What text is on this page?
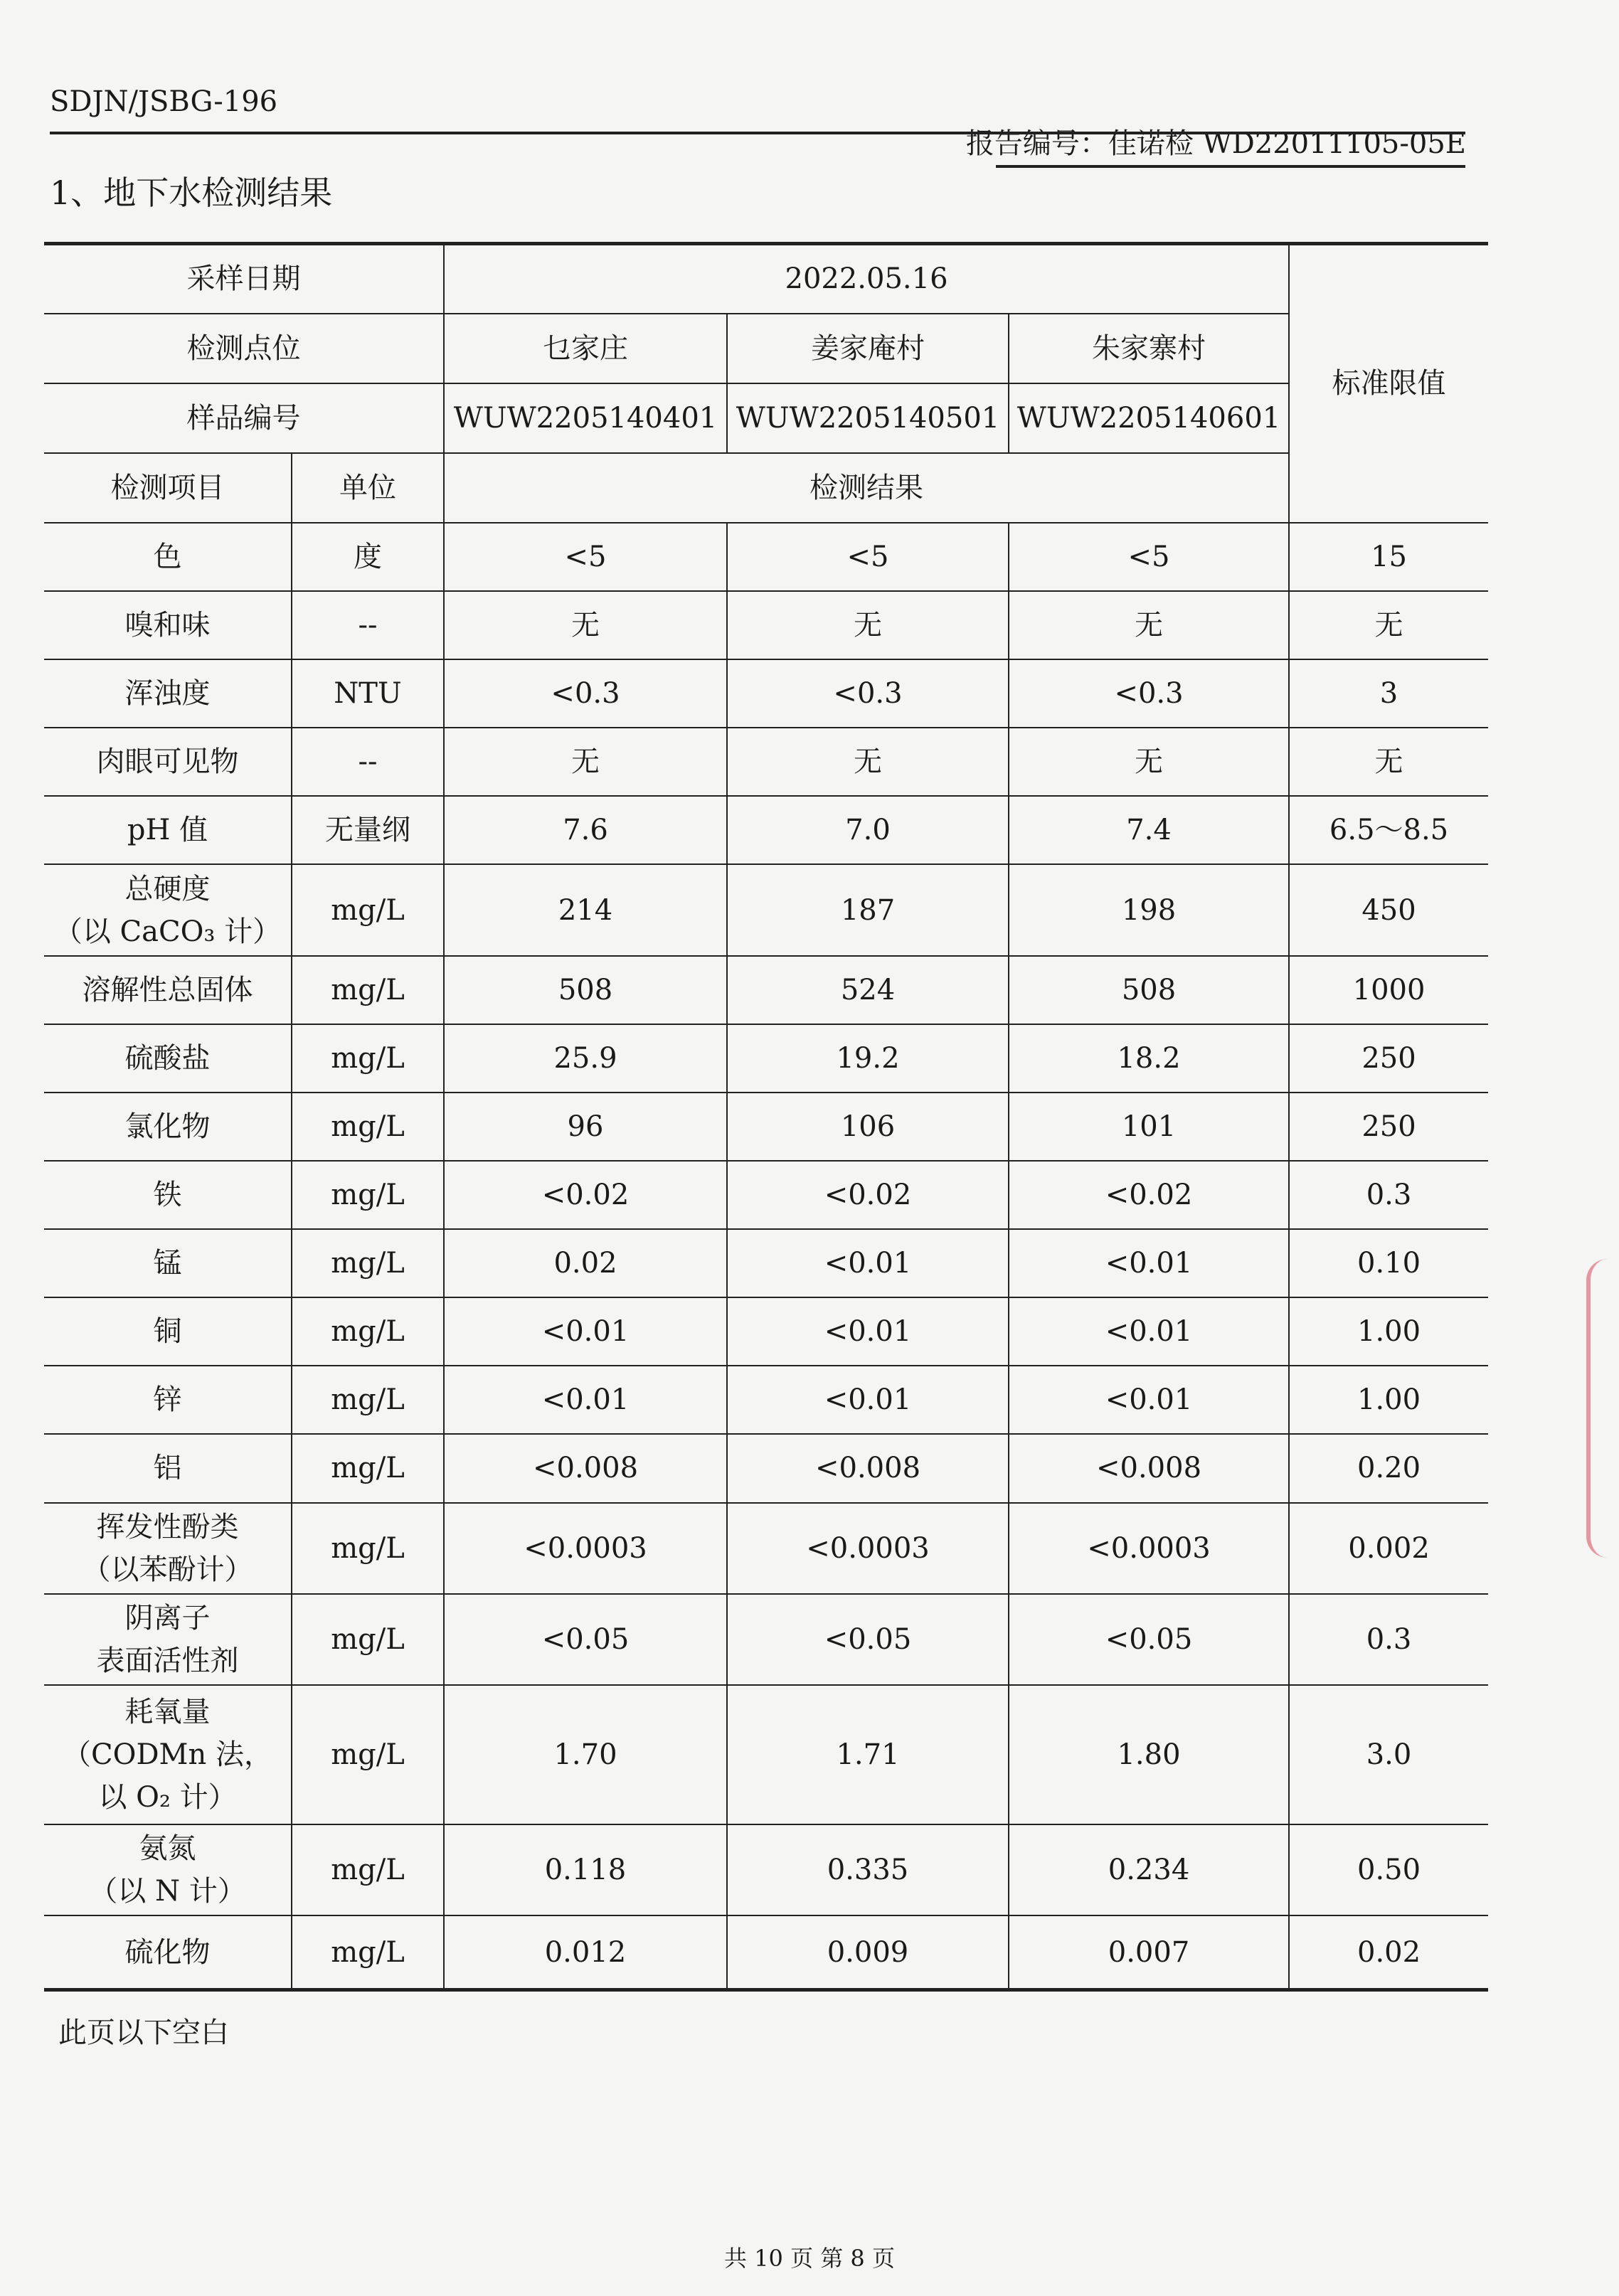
SDJN/JSBG-196
报告编号：佳诺检 WD22011105-05E
1、地下水检测结果
采样日期		2022.05.16			标准限值
检测点位		乜家庄	姜家庵村	朱家寨村	
样品编号		WUW2205140401	WUW2205140501	WUW2205140601	
检测项目	单位	检测结果			

色	度	<5	<5	<5	15

嗅和味	--	无	无	无	无

浑浊度	NTU	<0.3	<0.3	<0.3	3

肉眼可见物	--	无	无	无	无

pH 值	无量纲	7.6	7.0	7.4	6.5～8.5

总硬度
（以 CaCO₃ 计）	mg/L	214	187	198	450

溶解性总固体	mg/L	508	524	508	1000

硫酸盐	mg/L	25.9	19.2	18.2	250

氯化物	mg/L	96	106	101	250

铁	mg/L	<0.02	<0.02	<0.02	0.3

锰	mg/L	0.02	<0.01	<0.01	0.10

铜	mg/L	<0.01	<0.01	<0.01	1.00

锌	mg/L	<0.01	<0.01	<0.01	1.00

铝	mg/L	<0.008	<0.008	<0.008	0.20

挥发性酚类
（以苯酚计）	mg/L	<0.0003	<0.0003	<0.0003	0.002

阴离子
表面活性剂	mg/L	<0.05	<0.05	<0.05	0.3

耗氧量
（CODMn 法，
以 O₂ 计）	mg/L	1.70	1.71	1.80	3.0

氨氮
（以 N 计）	mg/L	0.118	0.335	0.234	0.50

硫化物	mg/L	0.012	0.009	0.007	0.02
此页以下空白
共 10 页 第 8 页
